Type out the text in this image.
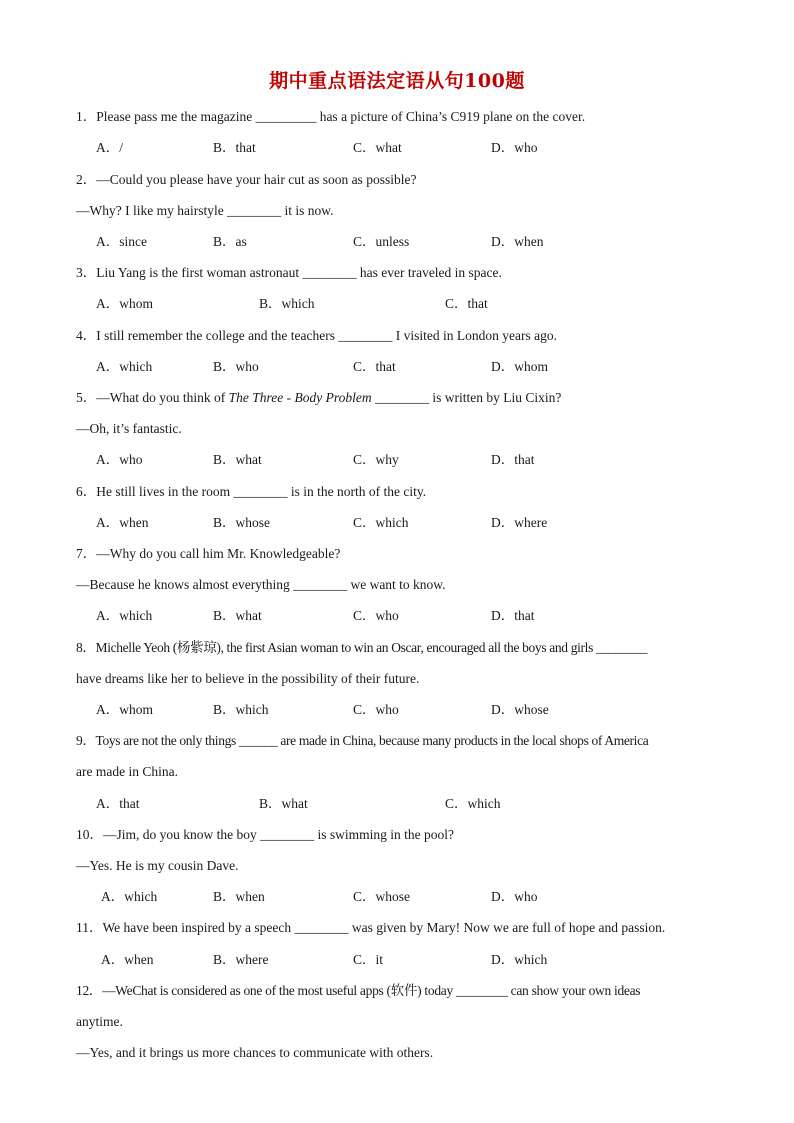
期中重点语法定语从句100题
1．Please pass me the magazine _________ has a picture of China’s C919 plane on the cover.
A．/	B．that	C．what	D．who
2．—Could you please have your hair cut as soon as possible?
—Why? I like my hairstyle ________ it is now.
A．since	B．as	C．unless	D．when
3．Liu Yang is the first woman astronaut ________ has ever traveled in space.
A．whom	B．which	C．that
4．I still remember the college and the teachers ________ I visited in London years ago.
A．which	B．who	C．that	D．whom
5．—What do you think of The Three - Body Problem ________ is written by Liu Cixin?
—Oh, it’s fantastic.
A．who	B．what	C．why	D．that
6．He still lives in the room ________ is in the north of the city.
A．when	B．whose	C．which	D．where
7．—Why do you call him Mr. Knowledgeable?
—Because he knows almost everything ________ we want to know.
A．which	B．what	C．who	D．that
8．Michelle Yeoh (杨紫琼), the first Asian woman to win an Oscar, encouraged all the boys and girls ________
have dreams like her to believe in the possibility of their future.
A．whom	B．which	C．who	D．whose
9．Toys are not the only things ______ are made in China, because many products in the local shops of America
are made in China.
A．that	B．what	C．which
10．—Jim, do you know the boy ________ is swimming in the pool?
—Yes. He is my cousin Dave.
A．which	B．when	C．whose	D．who
11．We have been inspired by a speech ________ was given by Mary! Now we are full of hope and passion.
A．when	B．where	C．it	D．which
12．—WeChat is considered as one of the most useful apps (软件) today ________ can show your own ideas
anytime.
—Yes, and it brings us more chances to communicate with others.
